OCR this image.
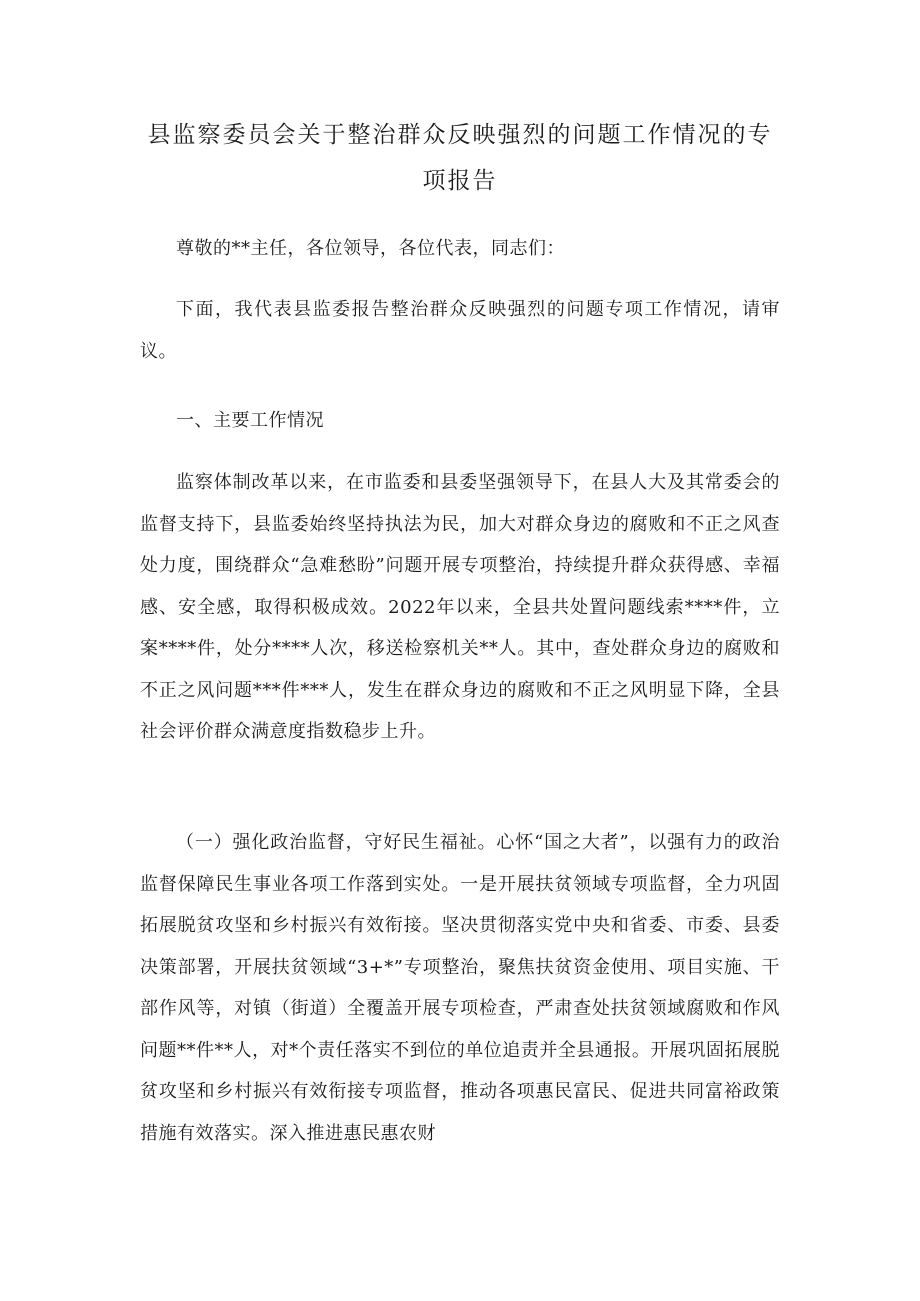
县监察委员会关于整治群众反映强烈的问题工作情况的专项报告

尊敬的**主任，各位领导，各位代表，同志们：

下面，我代表县监委报告整治群众反映强烈的问题专项工作情况，请审议。

一、主要工作情况

监察体制改革以来，在市监委和县委坚强领导下，在县人大及其常委会的监督支持下，县监委始终坚持执法为民，加大对群众身边的腐败和不正之风查处力度，围绕群众“急难愁盼”问题开展专项整治，持续提升群众获得感、幸福感、安全感，取得积极成效。2022年以来，全县共处置问题线索****件，立案****件，处分****人次，移送检察机关**人。其中，查处群众身边的腐败和不正之风问题***件***人，发生在群众身边的腐败和不正之风明显下降，全县社会评价群众满意度指数稳步上升。

（一）强化政治监督，守好民生福祉。心怀“国之大者”，以强有力的政治监督保障民生事业各项工作落到实处。一是开展扶贫领域专项监督，全力巩固拓展脱贫攻坚和乡村振兴有效衔接。坚决贯彻落实党中央和省委、市委、县委决策部署，开展扶贫领域“3+*”专项整治，聚焦扶贫资金使用、项目实施、干部作风等，对镇（街道）全覆盖开展专项检查，严肃查处扶贫领域腐败和作风问题**件**人，对*个责任落实不到位的单位追责并全县通报。开展巩固拓展脱贫攻坚和乡村振兴有效衔接专项监督，推动各项惠民富民、促进共同富裕政策措施有效落实。深入推进惠民惠农财
